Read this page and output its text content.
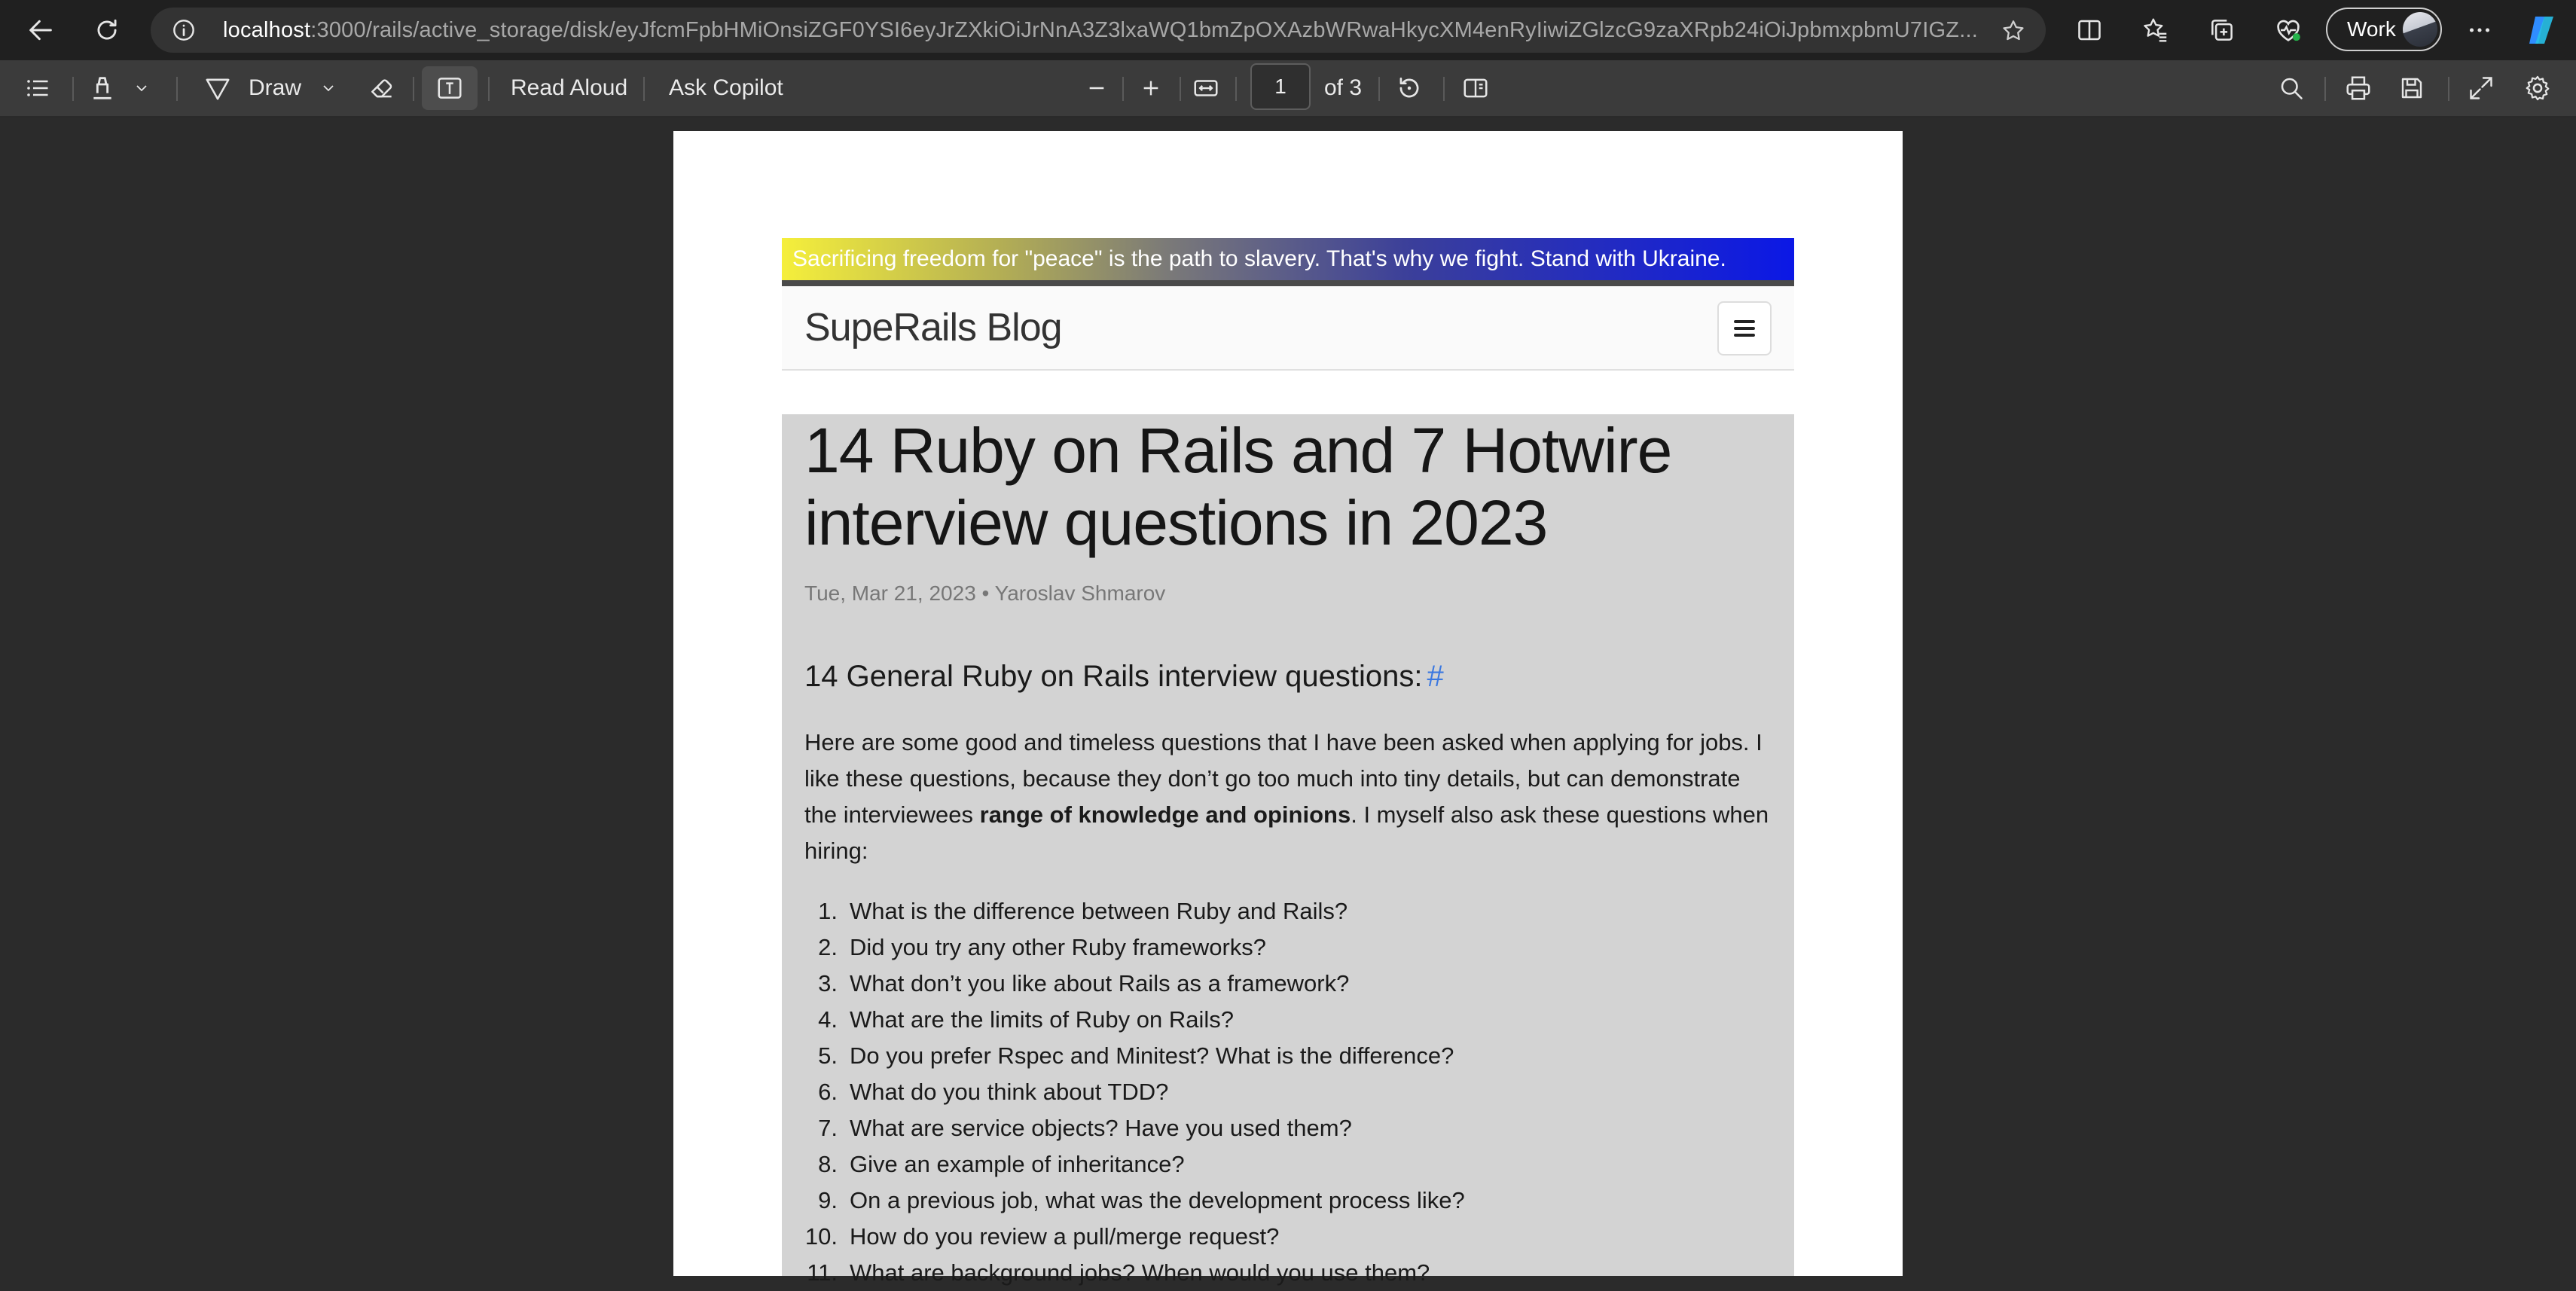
localhost:3000/rails/active_storage/disk/eyJfcmFpbHMiOnsiZGF0YSI6eyJrZXkiOiJrNnA3Z3lxaWQ1bmZpOXAzbWRwaHkycXM4enRyIiwiZGlzcG9zaXRpb24iOiJpbmxpbmU7IGZ...	Work
Draw	Read Aloud Ask Copilot	of 3
1
Sacrificing freedom for "peace" is the path to slavery. That's why we fight. Stand with Ukraine.
SupeRails Blog
14 Ruby on Rails and 7 Hotwire interview questions in 2023
Tue, Mar 21, 2023 • Yaroslav Shmarov
14 General Ruby on Rails interview questions: #
Here are some good and timeless questions that I have been asked when applying for jobs. I like these questions, because they don’t go too much into tiny details, but can demonstrate the interviewees range of knowledge and opinions. I myself also ask these questions when hiring:
1. What is the difference between Ruby and Rails?
2. Did you try any other Ruby frameworks?
3. What don’t you like about Rails as a framework?
4. What are the limits of Ruby on Rails?
5. Do you prefer Rspec and Minitest? What is the difference?
6. What do you think about TDD?
7. What are service objects? Have you used them?
8. Give an example of inheritance?
9. On a previous job, what was the development process like?
10. How do you review a pull/merge request?
11. What are background jobs? When would you use them?
